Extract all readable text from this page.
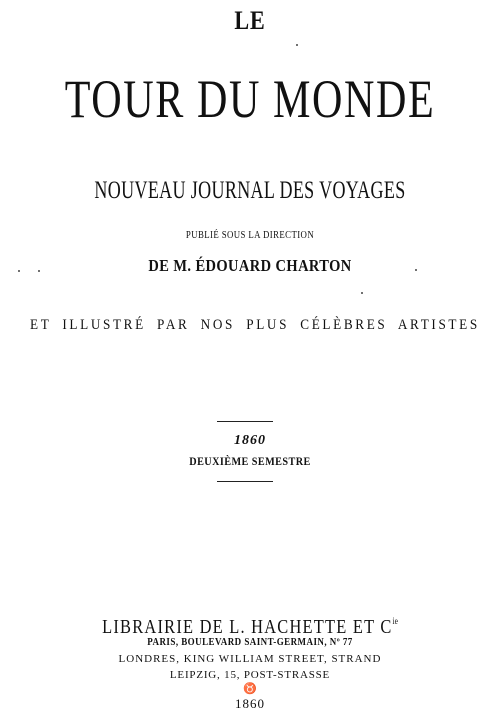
LE
TOUR DU MONDE
NOUVEAU JOURNAL DES VOYAGES
PUBLIÉ SOUS LA DIRECTION
DE M. ÉDOUARD CHARTON
ET ILLUSTRÉ PAR NOS PLUS CÉLÈBRES ARTISTES
1860
DEUXIÈME SEMESTRE
LIBRAIRIE DE L. HACHETTE ET $C^{ie}$
PARIS, BOULEVARD SAINT-GERMAIN, Nº 77
LONDRES, KING WILLIAM STREET, STRAND
LEIPZIG, 15, POST-STRASSE
♉
1860
